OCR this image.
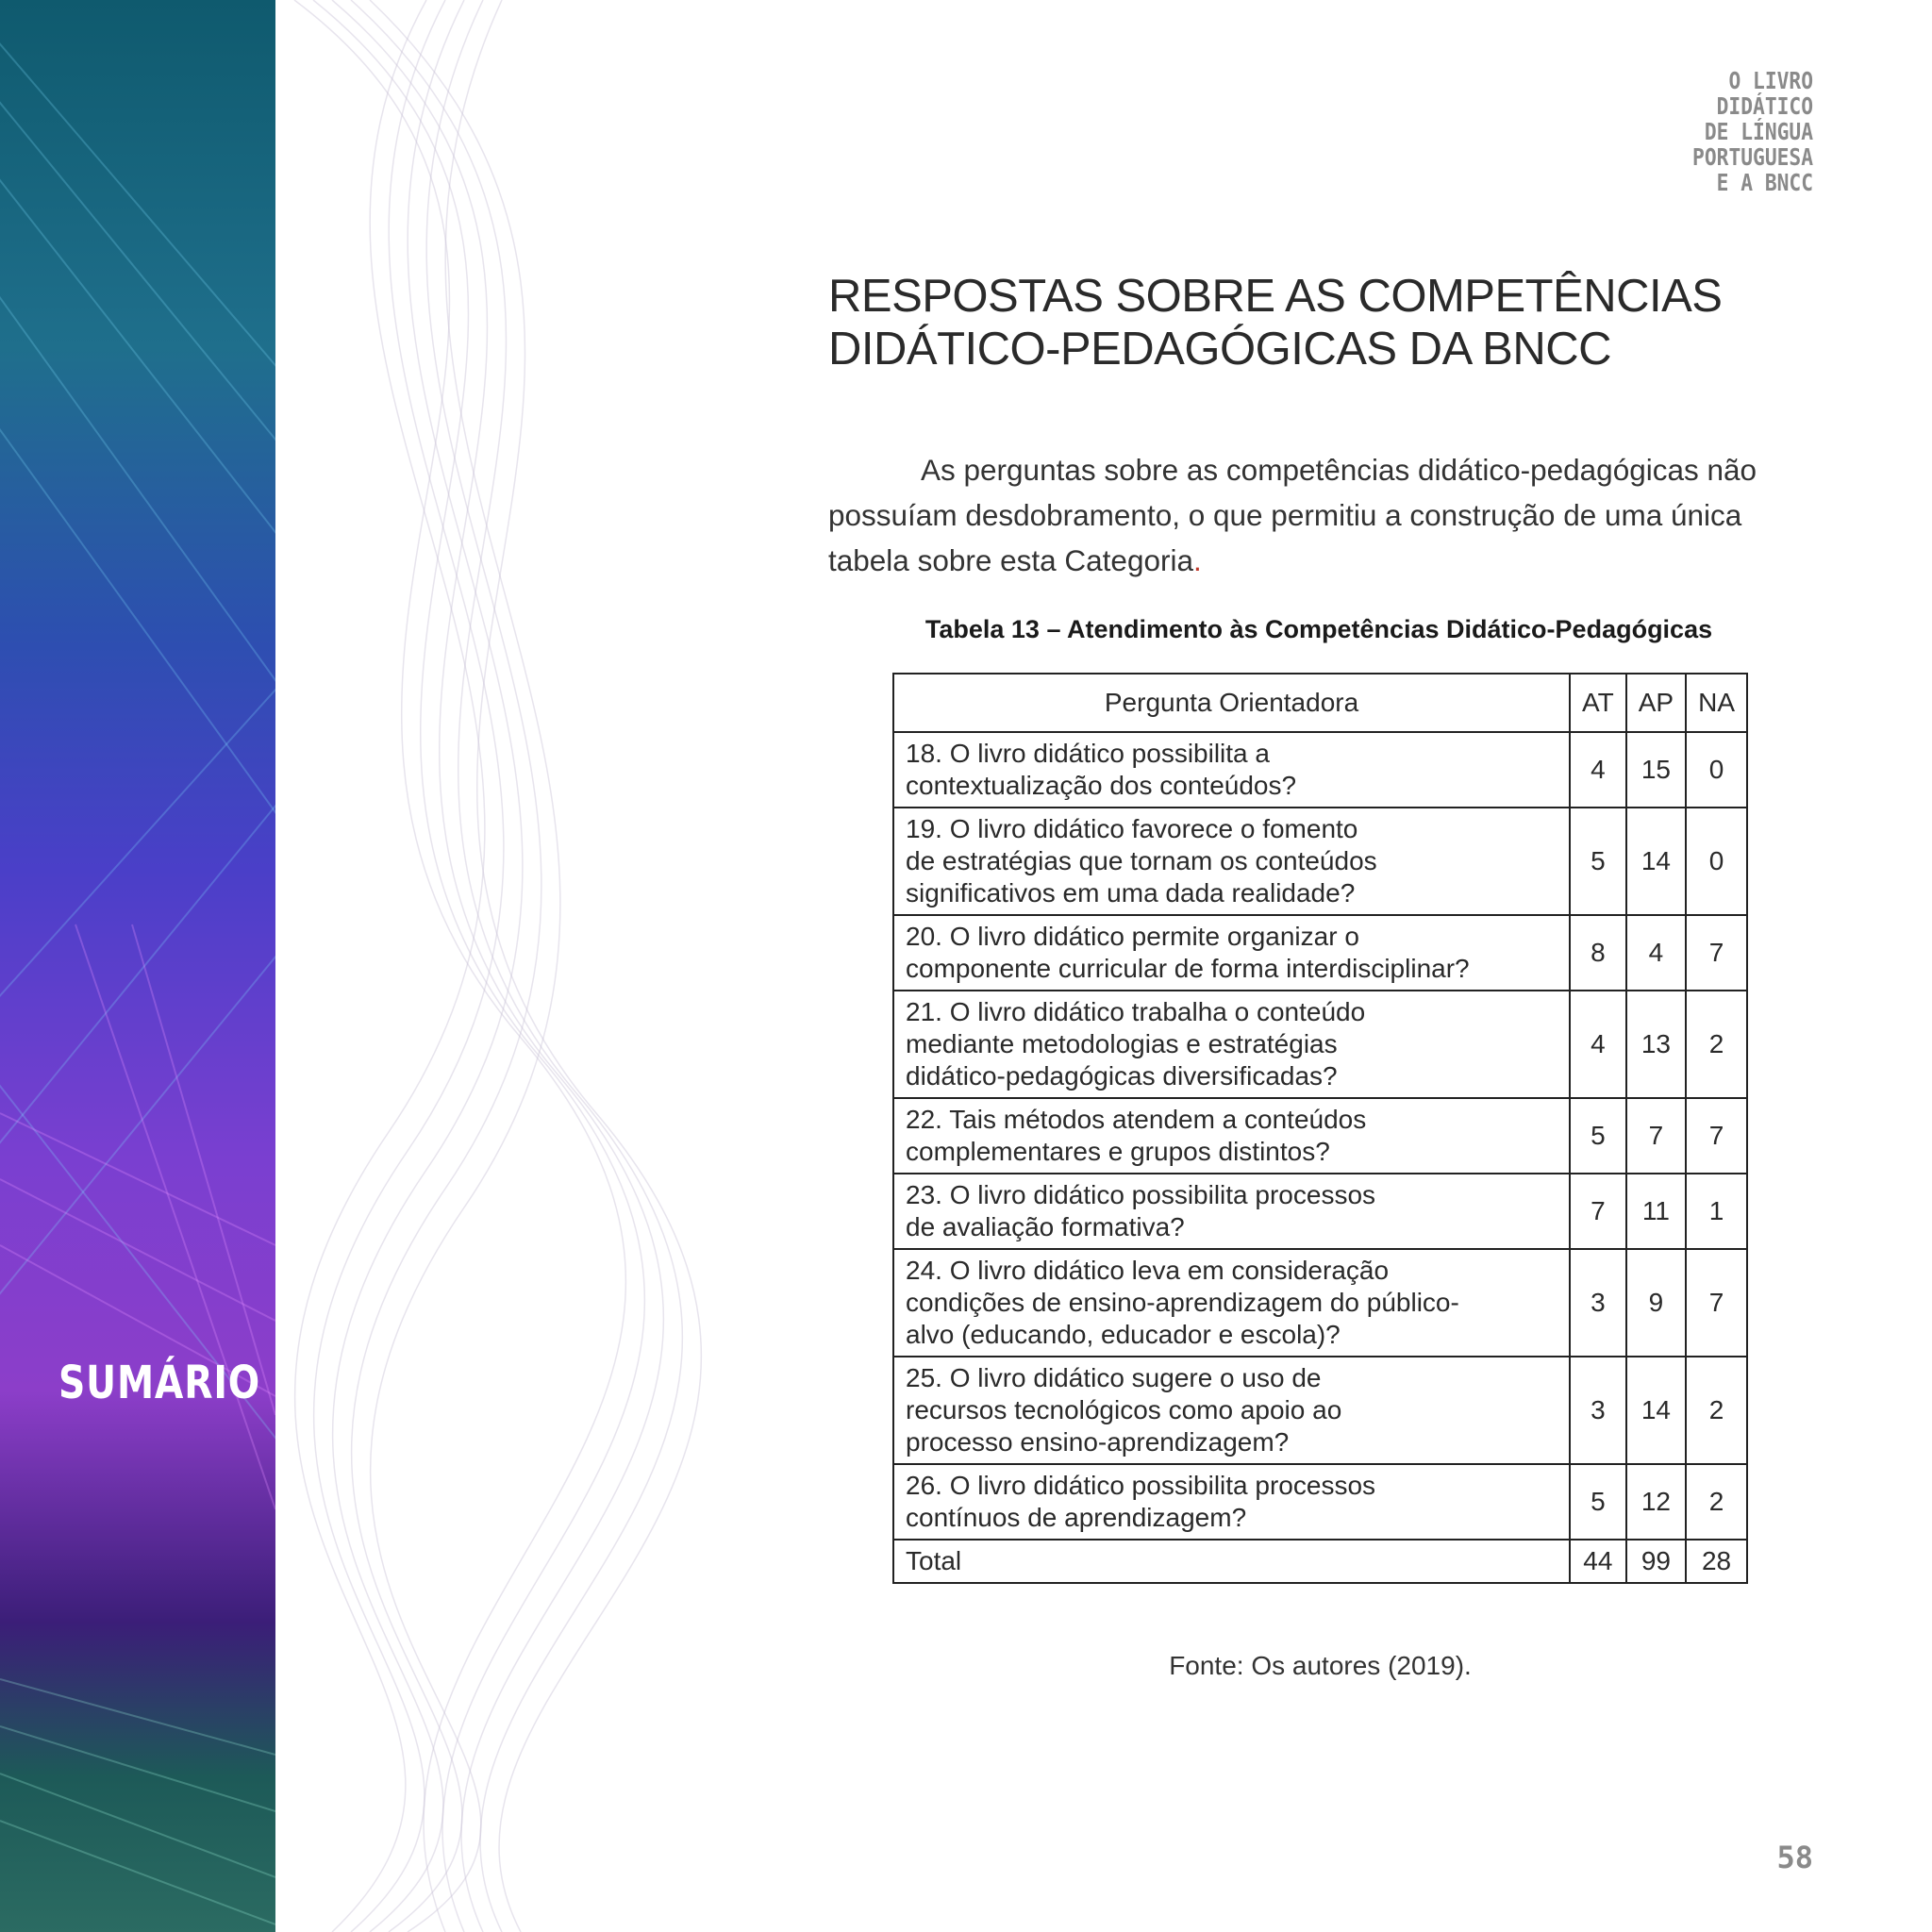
SUMÁRIO
O LIVRO
DIDÁTICO
DE LÍNGUA
PORTUGUESA
E A BNCC
RESPOSTAS SOBRE AS COMPETÊNCIAS
DIDÁTICO-PEDAGÓGICAS DA BNCC

As perguntas sobre as competências didático-pedagógicas não possuíam desdobramento, o que permitiu a construção de uma única tabela sobre esta Categoria.

Tabela 13 – Atendimento às Competências Didático-Pedagógicas
Pergunta Orientadora	AT	AP	NA
18. O livro didático possibilita a
contextualização dos conteúdos?	4	15	0
19. O livro didático favorece o fomento
de estratégias que tornam os conteúdos
significativos em uma dada realidade?	5	14	0
20. O livro didático permite organizar o
componente curricular de forma interdisciplinar?	8	4	7
21. O livro didático trabalha o conteúdo
mediante metodologias e estratégias
didático-pedagógicas diversificadas?	4	13	2
22. Tais métodos atendem a conteúdos
complementares e grupos distintos?	5	7	7
23. O livro didático possibilita processos
de avaliação formativa?	7	11	1
24. O livro didático leva em consideração
condições de ensino-aprendizagem do público-
alvo (educando, educador e escola)?	3	9	7
25. O livro didático sugere o uso de
recursos tecnológicos como apoio ao
processo ensino-aprendizagem?	3	14	2
26. O livro didático possibilita processos
contínuos de aprendizagem?	5	12	2
Total	44	99	28
Fonte: Os autores (2019).
58
